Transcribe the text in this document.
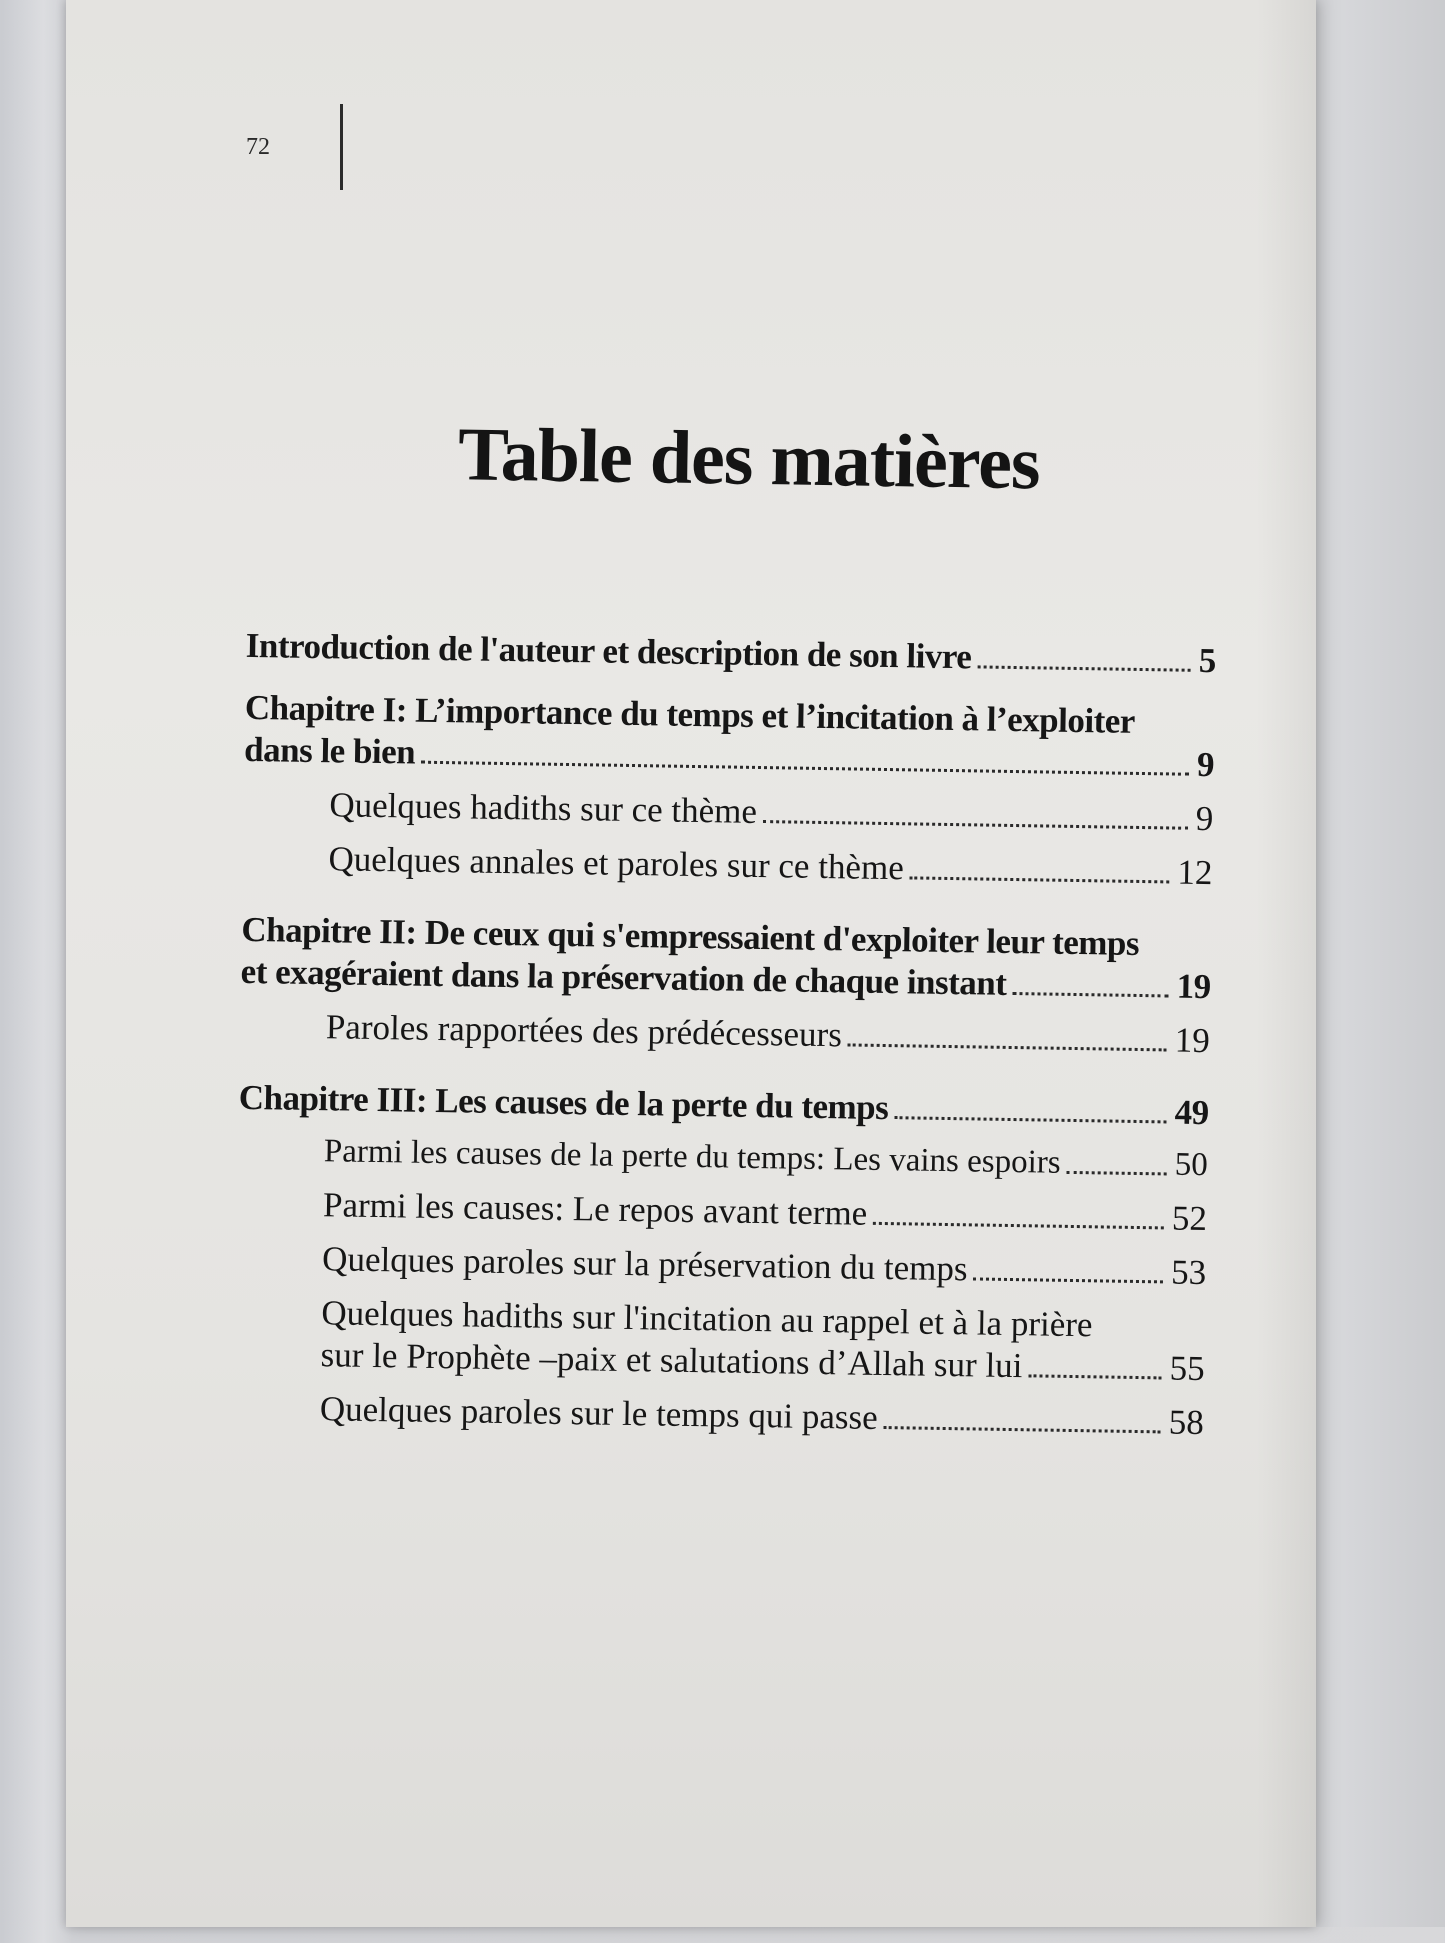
72
Table des matières
Introduction de l'auteur et description de son livre	5
Chapitre I: L’importance du temps et l’incitation à l’exploiter
dans le bien	9
Quelques hadiths sur ce thème	9
Quelques annales et paroles sur ce thème	12
Chapitre II: De ceux qui s'empressaient d'exploiter leur temps
et exagéraient dans la préservation de chaque instant	19
Paroles rapportées des prédécesseurs	19
Chapitre III: Les causes de la perte du temps	49
Parmi les causes de la perte du temps: Les vains espoirs	50
Parmi les causes: Le repos avant terme	52
Quelques paroles sur la préservation du temps	53
Quelques hadiths sur l'incitation au rappel et à la prière
sur le Prophète –paix et salutations d’Allah sur lui	55
Quelques paroles sur le temps qui passe	58
